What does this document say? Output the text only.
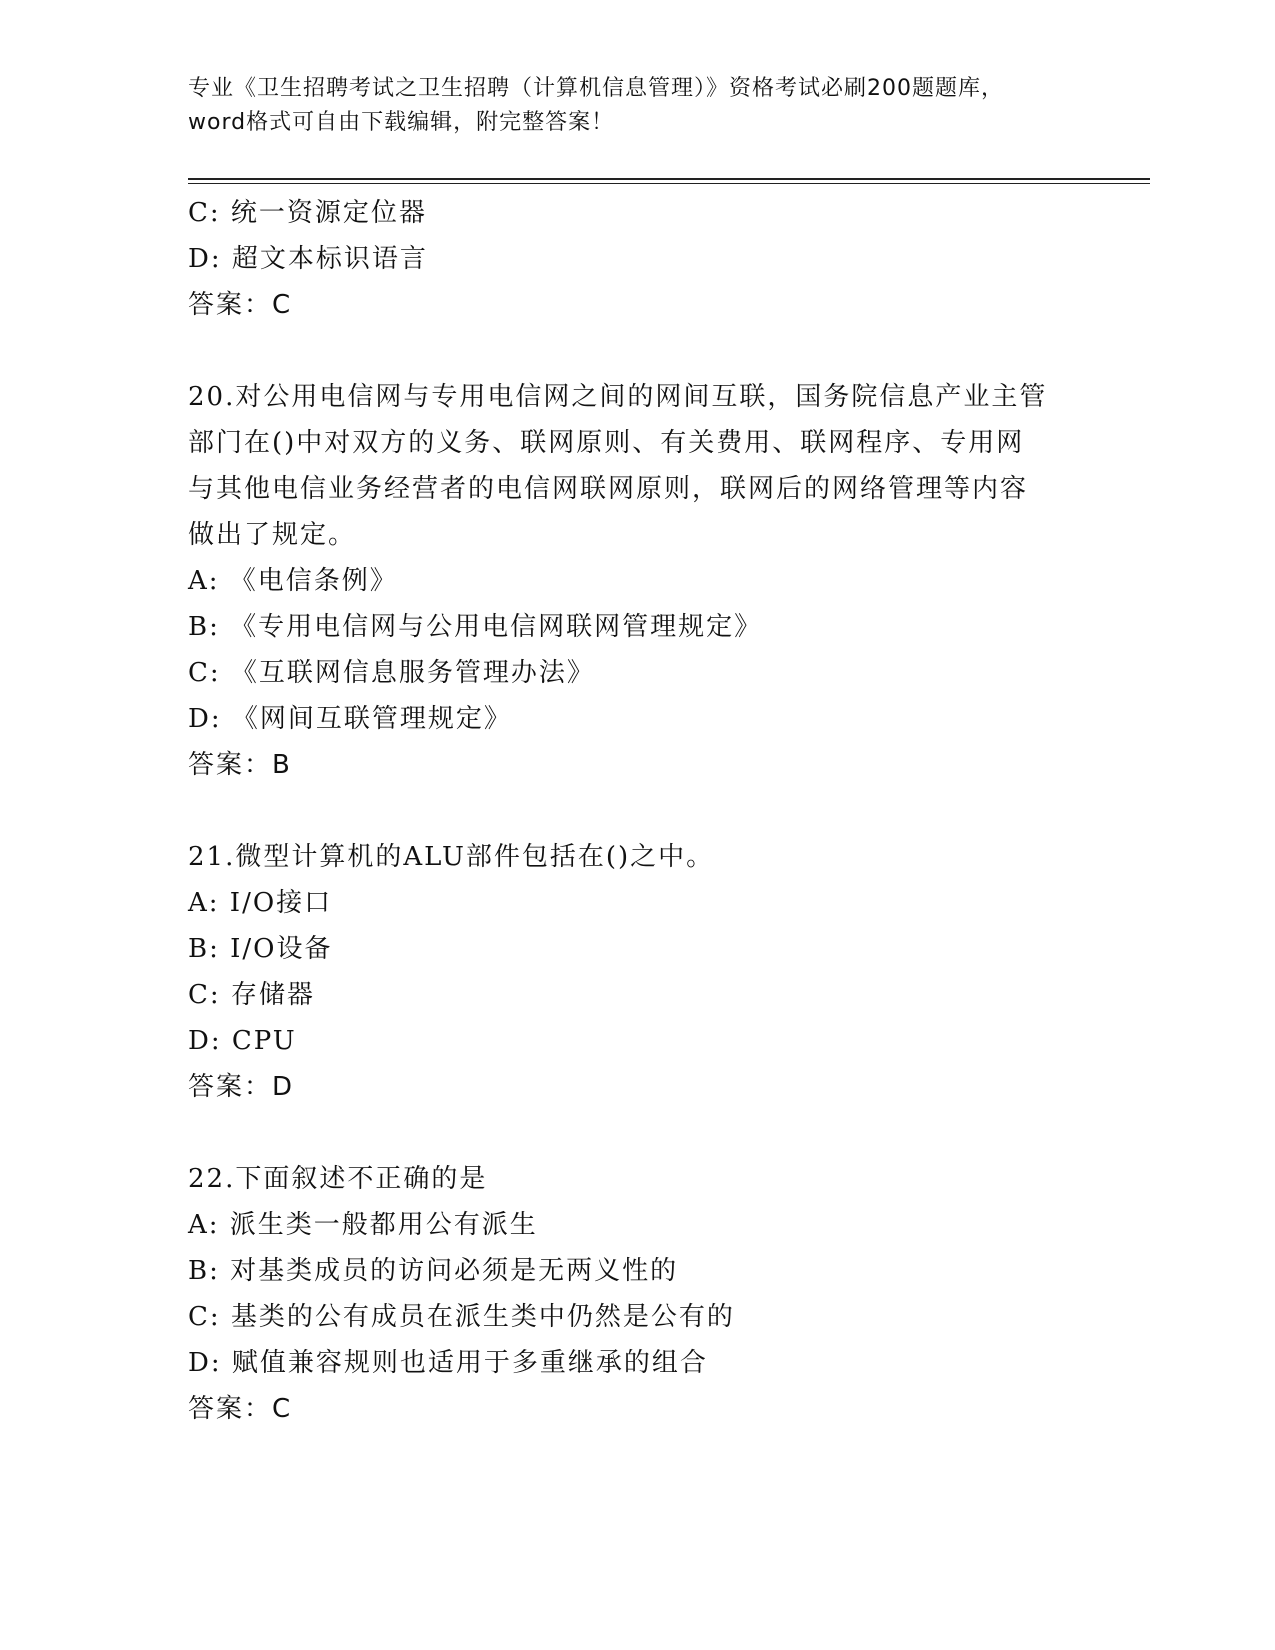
专业《卫生招聘考试之卫生招聘（计算机信息管理）》资格考试必刷200题题库，
word格式可自由下载编辑，附完整答案！
C: 统一资源定位器
D: 超文本标识语言
答案：C
20.对公用电信网与专用电信网之间的网间互联，国务院信息产业主管
部门在()中对双方的义务、联网原则、有关费用、联网程序、专用网
与其他电信业务经营者的电信网联网原则，联网后的网络管理等内容
做出了规定。
A: 《电信条例》
B: 《专用电信网与公用电信网联网管理规定》
C: 《互联网信息服务管理办法》
D: 《网间互联管理规定》
答案：B
21.微型计算机的ALU部件包括在()之中。
A: I/O接口
B: I/O设备
C: 存储器
D: CPU
答案：D
22.下面叙述不正确的是
A: 派生类一般都用公有派生
B: 对基类成员的访问必须是无两义性的
C: 基类的公有成员在派生类中仍然是公有的
D: 赋值兼容规则也适用于多重继承的组合
答案：C
